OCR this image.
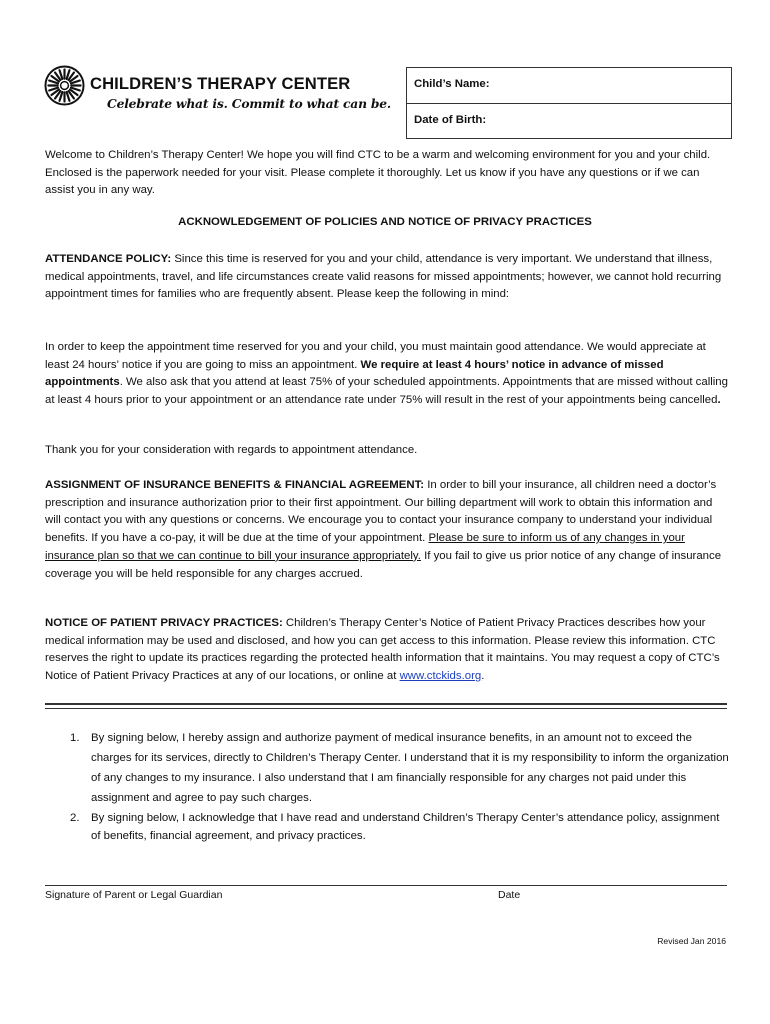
CHILDREN’S THERAPY CENTER
Celebrate what is. Commit to what can be.
Child’s Name:
Date of Birth:

Welcome to Children’s Therapy Center! We hope you will find CTC to be a warm and welcoming environment for you and your child. Enclosed is the paperwork needed for your visit. Please complete it thoroughly. Let us know if you have any questions or if we can assist you in any way.

ACKNOWLEDGEMENT OF POLICIES AND NOTICE OF PRIVACY PRACTICES

ATTENDANCE POLICY: Since this time is reserved for you and your child, attendance is very important. We understand that illness, medical appointments, travel, and life circumstances create valid reasons for missed appointments; however, we cannot hold recurring appointment times for families who are frequently absent. Please keep the following in mind:

In order to keep the appointment time reserved for you and your child, you must maintain good attendance. We would appreciate at least 24 hours’ notice if you are going to miss an appointment. We require at least 4 hours’ notice in advance of missed appointments. We also ask that you attend at least 75% of your scheduled appointments. Appointments that are missed without calling at least 4 hours prior to your appointment or an attendance rate under 75% will result in the rest of your appointments being cancelled.

Thank you for your consideration with regards to appointment attendance.

ASSIGNMENT OF INSURANCE BENEFITS & FINANCIAL AGREEMENT: In order to bill your insurance, all children need a doctor’s prescription and insurance authorization prior to their first appointment. Our billing department will work to obtain this information and will contact you with any questions or concerns. We encourage you to contact your insurance company to understand your individual benefits. If you have a co-pay, it will be due at the time of your appointment. Please be sure to inform us of any changes in your insurance plan so that we can continue to bill your insurance appropriately. If you fail to give us prior notice of any change of insurance coverage you will be held responsible for any charges accrued.

NOTICE OF PATIENT PRIVACY PRACTICES: Children’s Therapy Center’s Notice of Patient Privacy Practices describes how your medical information may be used and disclosed, and how you can get access to this information. Please review this information. CTC reserves the right to update its practices regarding the protected health information that it maintains. You may request a copy of CTC’s Notice of Patient Privacy Practices at any of our locations, or online at www.ctckids.org.

1. By signing below, I hereby assign and authorize payment of medical insurance benefits, in an amount not to exceed the charges for its services, directly to Children’s Therapy Center. I understand that it is my responsibility to inform the organization of any changes to my insurance. I also understand that I am financially responsible for any charges not paid under this assignment and agree to pay such charges.
2. By signing below, I acknowledge that I have read and understand Children’s Therapy Center’s attendance policy, assignment of benefits, financial agreement, and privacy practices.
Signature of Parent or Legal Guardian	Date
Revised Jan 2016
